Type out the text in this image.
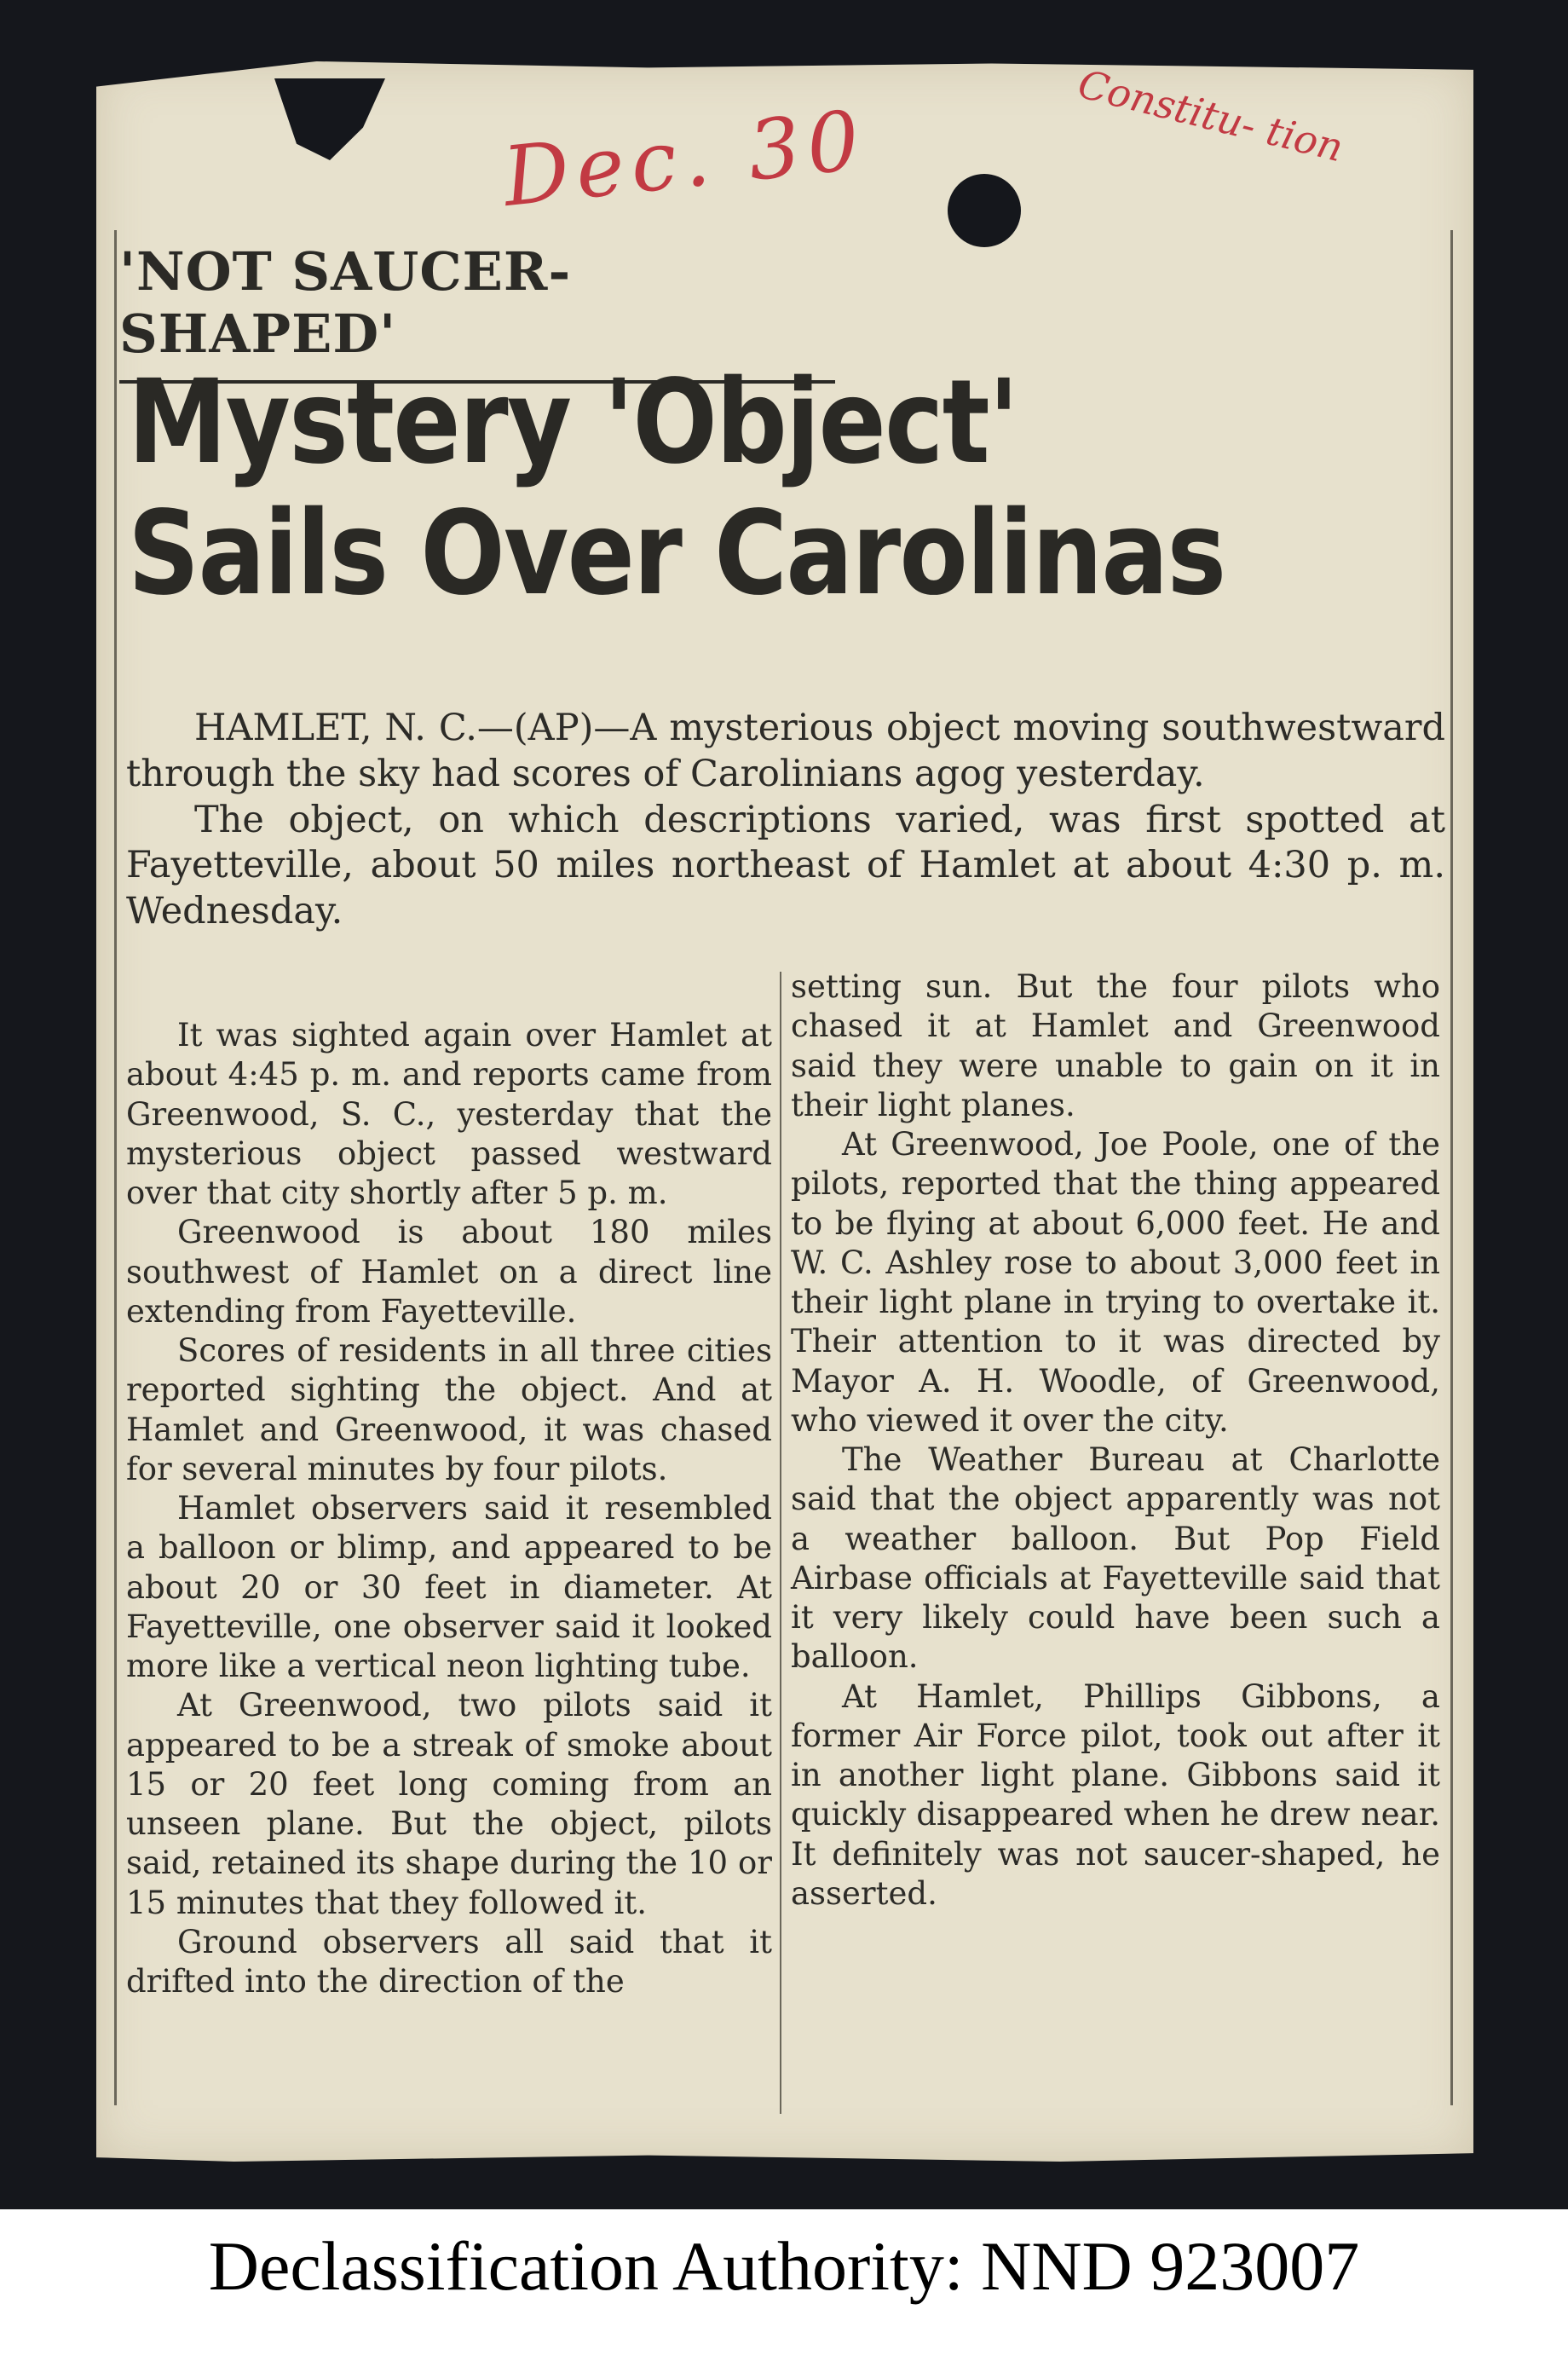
Dec. 30	Constitu- tion
'NOT SAUCER-SHAPED'
Mystery 'Object'
Sails Over Carolinas

HAMLET, N. C.—(AP)—A mysterious object moving southwestward through the sky had scores of Carolinians agog yesterday.

The object, on which descriptions varied, was first spotted at Fayetteville, about 50 miles northeast of Hamlet at about 4:30 p. m. Wednesday.

It was sighted again over Hamlet at about 4:45 p. m. and reports came from Greenwood, S. C., yesterday that the mysterious object passed westward over that city shortly after 5 p. m.

Greenwood is about 180 miles southwest of Hamlet on a direct line extending from Fayetteville.

Scores of residents in all three cities reported sighting the object. And at Hamlet and Greenwood, it was chased for several minutes by four pilots.

Hamlet observers said it resembled a balloon or blimp, and appeared to be about 20 or 30 feet in diameter. At Fayetteville, one observer said it looked more like a vertical neon lighting tube.

At Greenwood, two pilots said it appeared to be a streak of smoke about 15 or 20 feet long coming from an unseen plane. But the object, pilots said, retained its shape during the 10 or 15 minutes that they followed it.

Ground observers all said that it drifted into the direction of the

setting sun. But the four pilots who chased it at Hamlet and Greenwood said they were unable to gain on it in their light planes.

At Greenwood, Joe Poole, one of the pilots, reported that the thing appeared to be flying at about 6,000 feet. He and W. C. Ashley rose to about 3,000 feet in their light plane in trying to overtake it. Their attention to it was directed by Mayor A. H. Woodle, of Greenwood, who viewed it over the city.

The Weather Bureau at Charlotte said that the object apparently was not a weather balloon. But Pop Field Airbase officials at Fayetteville said that it very likely could have been such a balloon.

At Hamlet, Phillips Gibbons, a former Air Force pilot, took out after it in another light plane. Gibbons said it quickly disappeared when he drew near. It definitely was not saucer-shaped, he asserted.

Declassification Authority: NND 923007
